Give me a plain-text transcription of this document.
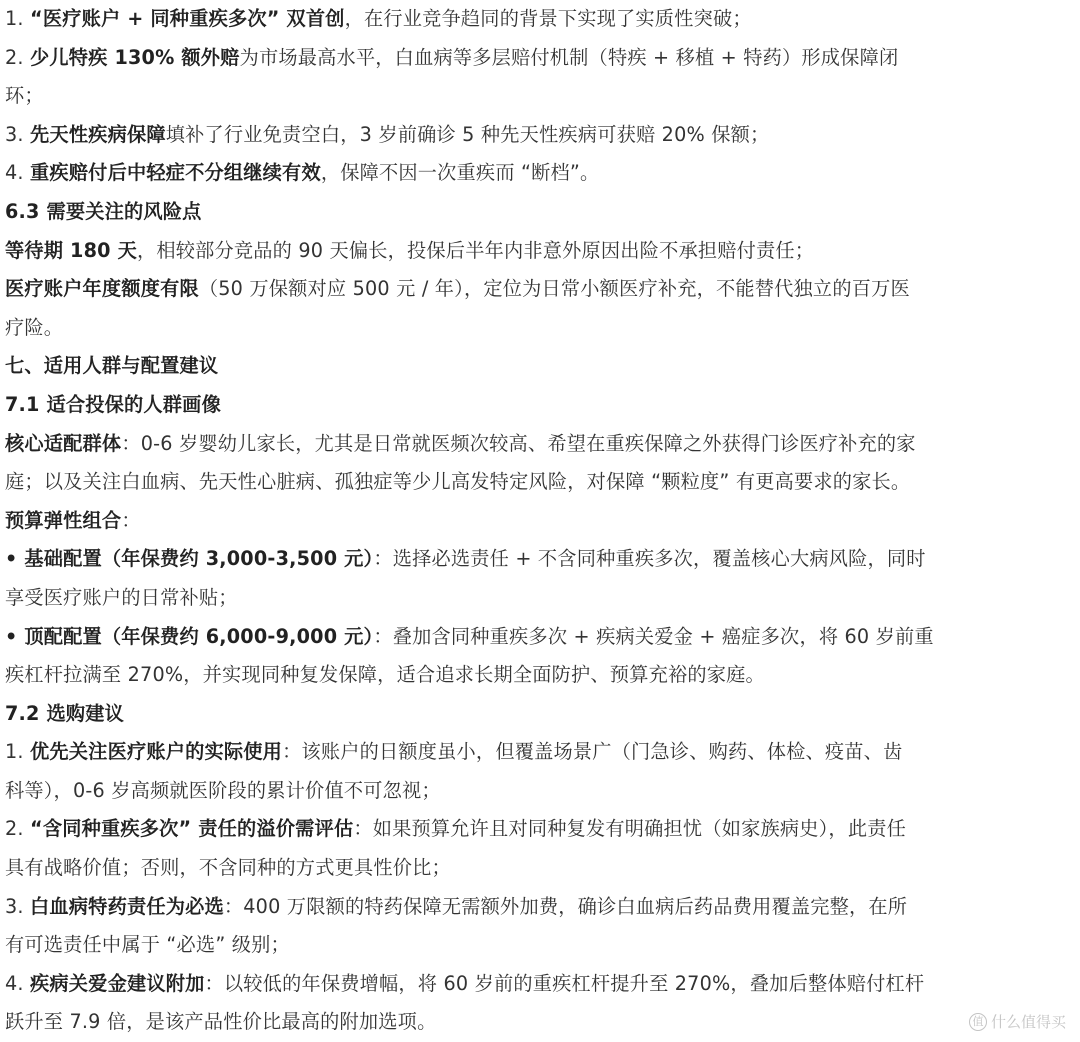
1. “医疗账户 + 同种重疾多次” 双首创，在行业竞争趋同的背景下实现了实质性突破；
2. 少儿特疾 130% 额外赔为市场最高水平，白血病等多层赔付机制（特疾 + 移植 + 特药）形成保障闭
环；
3. 先天性疾病保障填补了行业免责空白，3 岁前确诊 5 种先天性疾病可获赔 20% 保额；
4. 重疾赔付后中轻症不分组继续有效，保障不因一次重疾而 “断档”。
6.3 需要关注的风险点
等待期 180 天，相较部分竞品的 90 天偏长，投保后半年内非意外原因出险不承担赔付责任；
医疗账户年度额度有限（50 万保额对应 500 元 / 年），定位为日常小额医疗补充，不能替代独立的百万医
疗险。
七、适用人群与配置建议
7.1 适合投保的人群画像
核心适配群体：0-6 岁婴幼儿家长，尤其是日常就医频次较高、希望在重疾保障之外获得门诊医疗补充的家
庭；以及关注白血病、先天性心脏病、孤独症等少儿高发特定风险，对保障 “颗粒度” 有更高要求的家长。
预算弹性组合：
• 基础配置（年保费约 3,000-3,500 元）：选择必选责任 + 不含同种重疾多次，覆盖核心大病风险，同时
享受医疗账户的日常补贴；
• 顶配配置（年保费约 6,000-9,000 元）：叠加含同种重疾多次 + 疾病关爱金 + 癌症多次，将 60 岁前重
疾杠杆拉满至 270%，并实现同种复发保障，适合追求长期全面防护、预算充裕的家庭。
7.2 选购建议
1. 优先关注医疗账户的实际使用：该账户的日额度虽小，但覆盖场景广（门急诊、购药、体检、疫苗、齿
科等），0-6 岁高频就医阶段的累计价值不可忽视；
2. “含同种重疾多次” 责任的溢价需评估：如果预算允许且对同种复发有明确担忧（如家族病史），此责任
具有战略价值；否则，不含同种的方式更具性价比；
3. 白血病特药责任为必选：400 万限额的特药保障无需额外加费，确诊白血病后药品费用覆盖完整，在所
有可选责任中属于 “必选” 级别；
4. 疾病关爱金建议附加：以较低的年保费增幅，将 60 岁前的重疾杠杆提升至 270%，叠加后整体赔付杠杆
跃升至 7.9 倍，是该产品性价比最高的附加选项。	值 什么值得买
